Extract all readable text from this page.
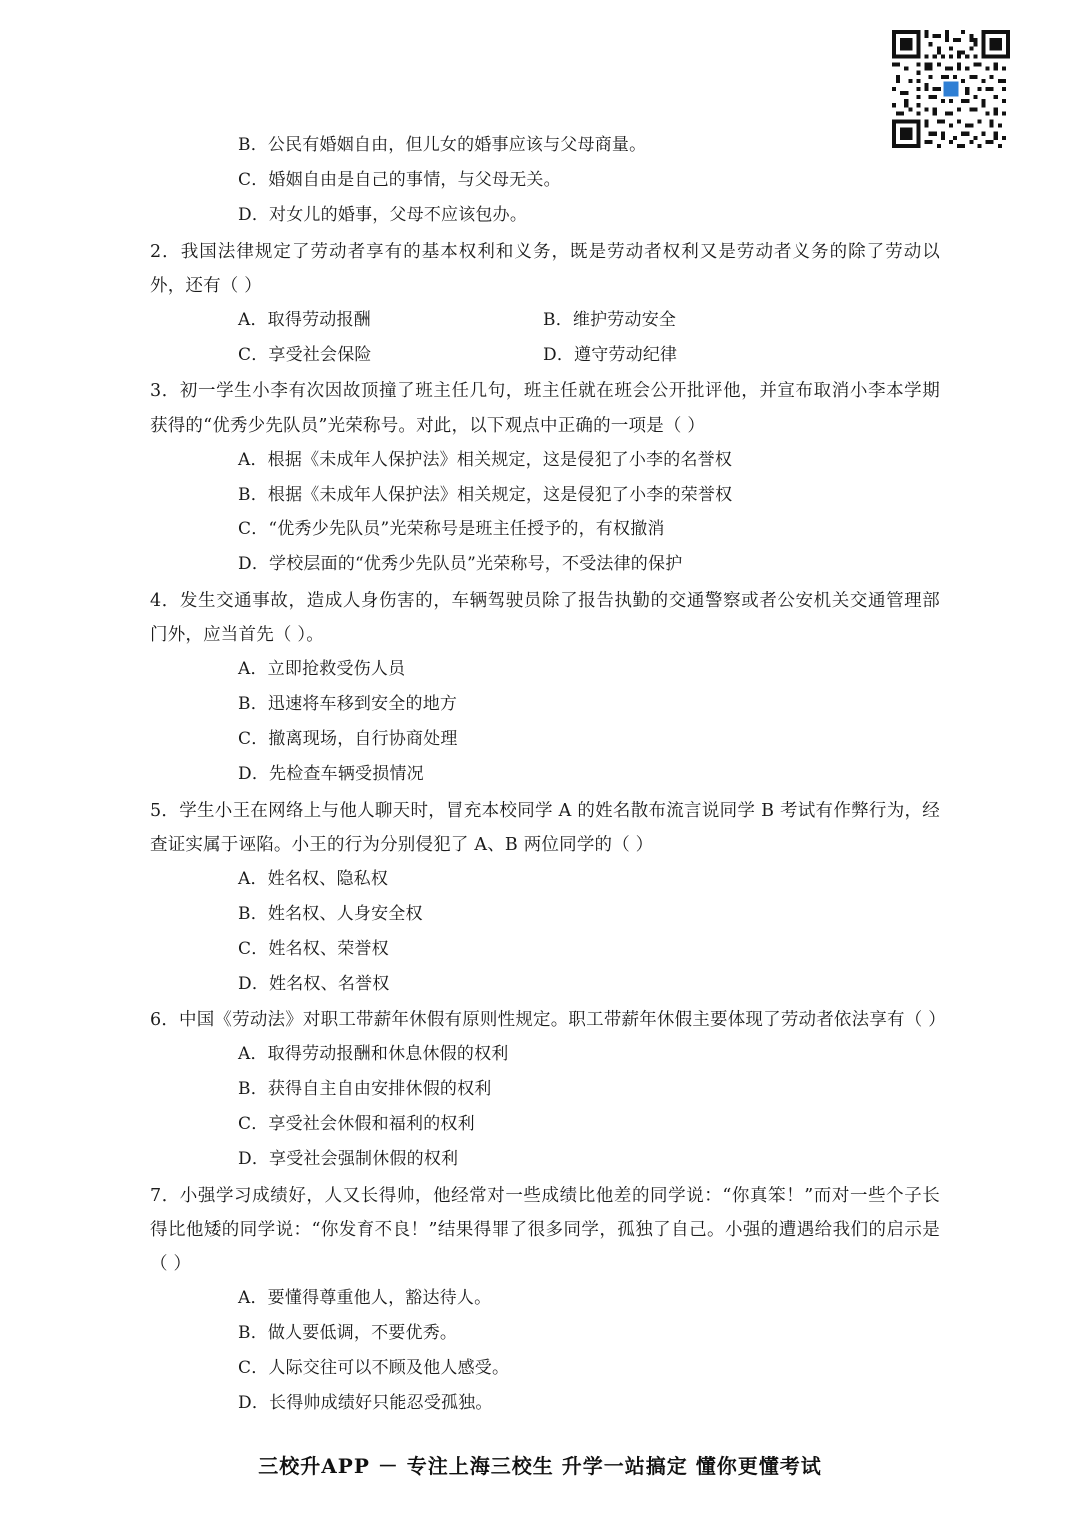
B．公民有婚姻自由，但儿女的婚事应该与父母商量。
C．婚姻自由是自己的事情，与父母无关。
D．对女儿的婚事，父母不应该包办。

2．我国法律规定了劳动者享有的基本权利和义务，既是劳动者权利又是劳动者义务的除了劳动以外，还有（ ）

A．取得劳动报酬	B．维护劳动安全
C．享受社会保险	D．遵守劳动纪律

3．初一学生小李有次因故顶撞了班主任几句，班主任就在班会公开批评他，并宣布取消小李本学期获得的“优秀少先队员”光荣称号。对此，以下观点中正确的一项是（ ）

A．根据《未成年人保护法》相关规定，这是侵犯了小李的名誉权
B．根据《未成年人保护法》相关规定，这是侵犯了小李的荣誉权
C．“优秀少先队员”光荣称号是班主任授予的，有权撤消
D．学校层面的“优秀少先队员”光荣称号，不受法律的保护

4．发生交通事故，造成人身伤害的，车辆驾驶员除了报告执勤的交通警察或者公安机关交通管理部门外，应当首先（ ）。

A．立即抢救受伤人员
B．迅速将车移到安全的地方
C．撤离现场，自行协商处理
D．先检查车辆受损情况

5．学生小王在网络上与他人聊天时，冒充本校同学 A 的姓名散布流言说同学 B 考试有作弊行为，经查证实属于诬陷。小王的行为分别侵犯了 A、B 两位同学的（ ）

A．姓名权、隐私权
B．姓名权、人身安全权
C．姓名权、荣誉权
D．姓名权、名誉权

6．中国《劳动法》对职工带薪年休假有原则性规定。职工带薪年休假主要体现了劳动者依法享有（ ）

A．取得劳动报酬和休息休假的权利
B．获得自主自由安排休假的权利
C．享受社会休假和福利的权利
D．享受社会强制休假的权利

7．小强学习成绩好，人又长得帅，他经常对一些成绩比他差的同学说：“你真笨！”而对一些个子长得比他矮的同学说：“你发育不良！”结果得罪了很多同学，孤独了自己。小强的遭遇给我们的启示是（ ）

A．要懂得尊重他人，豁达待人。
B．做人要低调，不要优秀。
C．人际交往可以不顾及他人感受。
D．长得帅成绩好只能忍受孤独。
三校升APP － 专注上海三校生 升学一站搞定 懂你更懂考试
